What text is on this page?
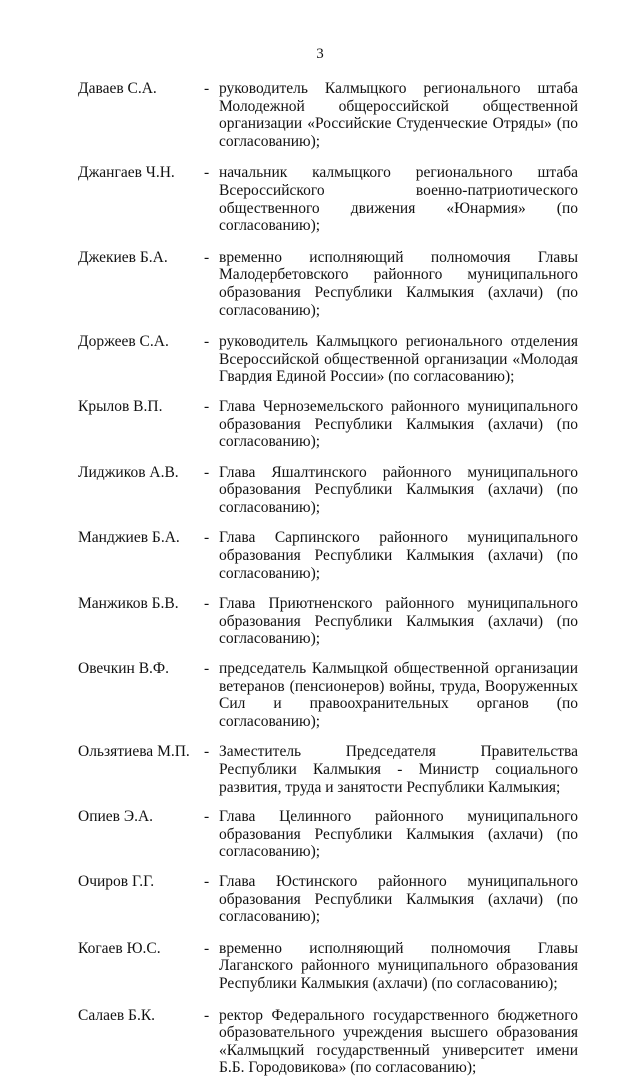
3
Даваев С.А.	- руководитель Калмыцкого регионального штаба Молодежной общероссийской общественной организации «Российские Студенческие Отряды» (по согласованию);
Джангаев Ч.Н.	- начальник калмыцкого регионального штаба Всероссийского военно-патриотического общественного движения «Юнармия» (по согласованию);
Джекиев Б.А.	- временно исполняющий полномочия Главы Малодербетовского районного муниципального образования Республики Калмыкия (ахлачи) (по согласованию);
Доржеев С.А.	- руководитель Калмыцкого регионального отделения Всероссийской общественной организации «Молодая Гвардия Единой России» (по согласованию);
Крылов В.П.	- Глава Черноземельского районного муниципального образования Республики Калмыкия (ахлачи) (по согласованию);
Лиджиков А.В.	- Глава Яшалтинского районного муниципального образования Республики Калмыкия (ахлачи) (по согласованию);
Манджиев Б.А.	- Глава Сарпинского районного муниципального образования Республики Калмыкия (ахлачи) (по согласованию);
Манжиков Б.В.	- Глава Приютненского районного муниципального образования Республики Калмыкия (ахлачи) (по согласованию);
Овечкин В.Ф.	- председатель Калмыцкой общественной организации ветеранов (пенсионеров) войны, труда, Вооруженных Сил и правоохранительных органов (по согласованию);
Ользятиева М.П. - Заместитель Председателя Правительства Республики Калмыкия - Министр социального развития, труда и занятости Республики Калмыкия;
Опиев Э.А.	- Глава Целинного районного муниципального образования Республики Калмыкия (ахлачи) (по согласованию);
Очиров Г.Г.	- Глава Юстинского районного муниципального образования Республики Калмыкия (ахлачи) (по согласованию);
Когаев Ю.С.	- временно исполняющий полномочия Главы Лаганского районного муниципального образования Республики Калмыкия (ахлачи) (по согласованию);
Салаев Б.К.	- ректор Федерального государственного бюджетного образовательного учреждения высшего образования «Калмыцкий государственный университет имени Б.Б. Городовикова» (по согласованию);
